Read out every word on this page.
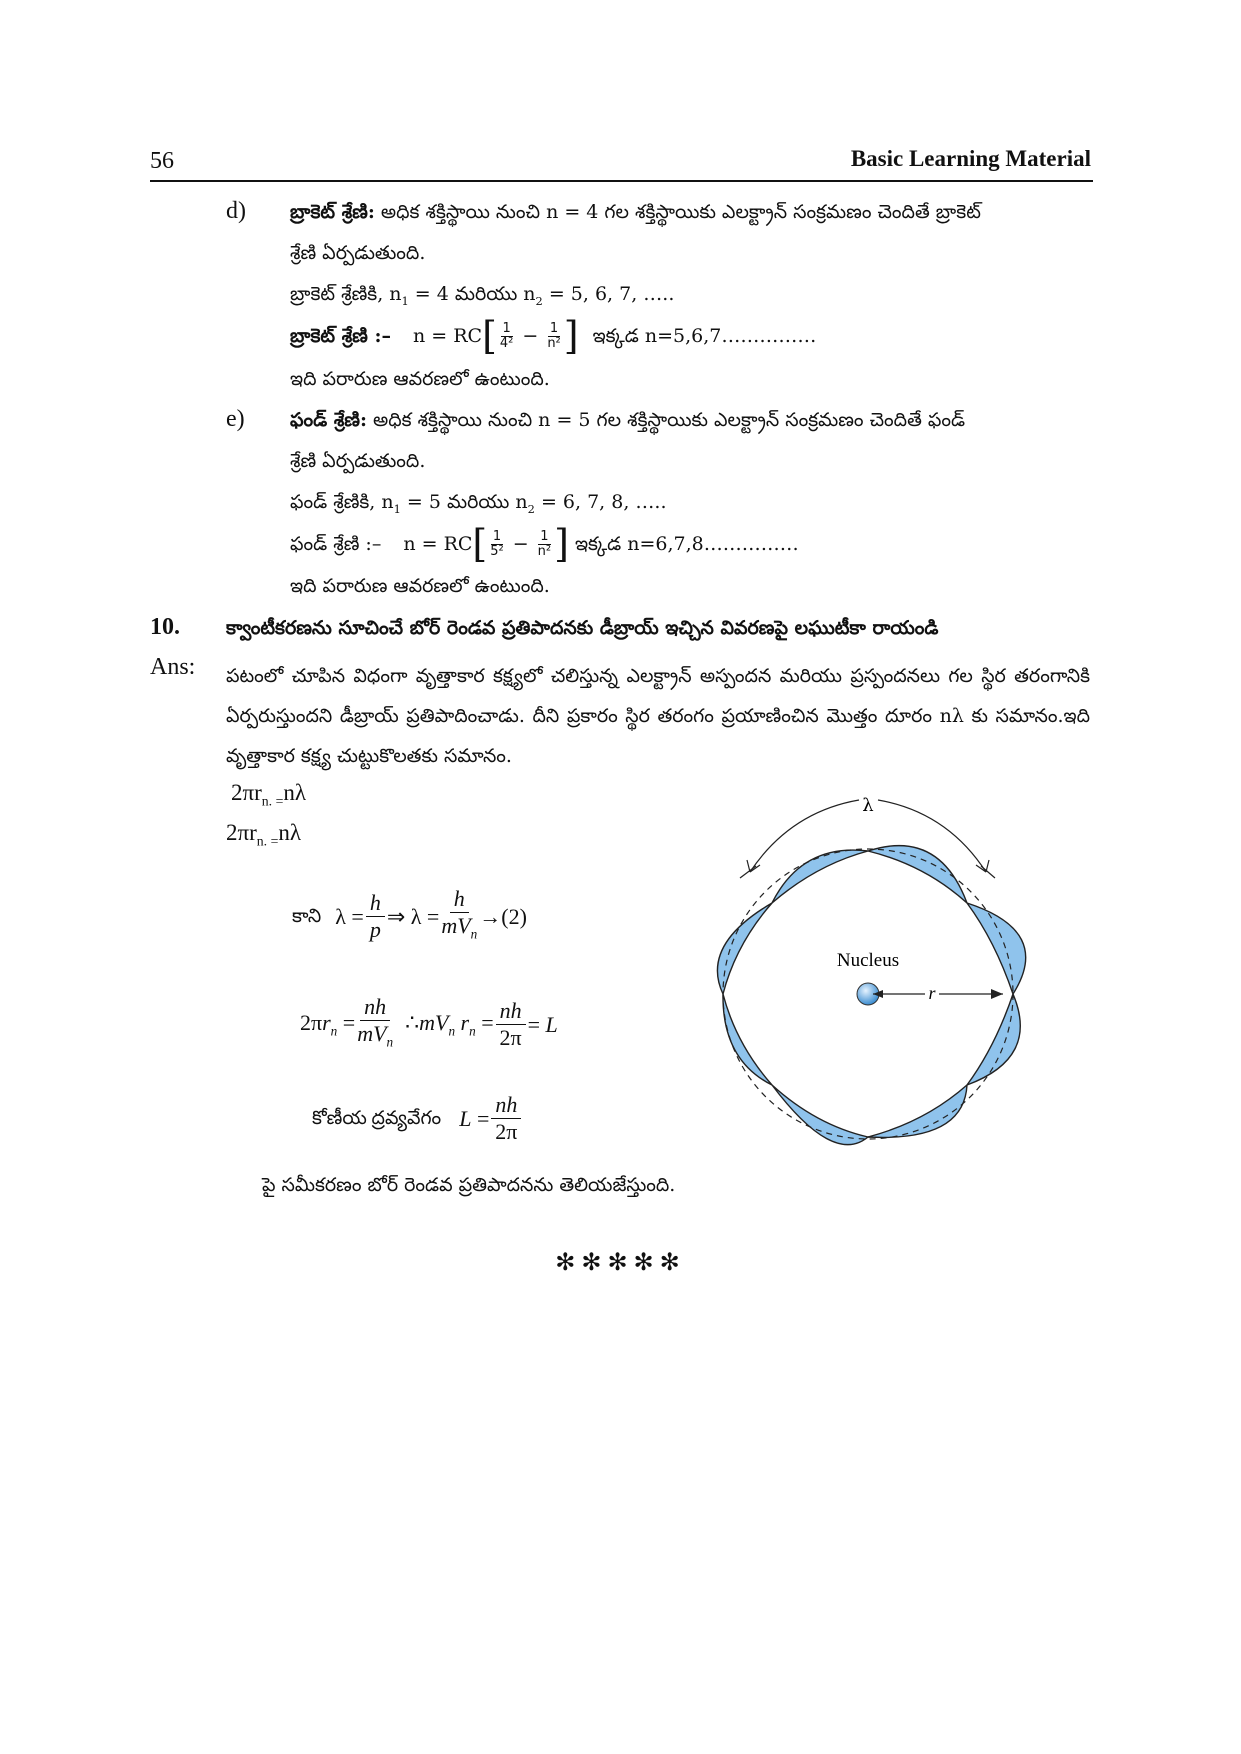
56	Basic Learning Material
d) బ్రాకెట్ శ్రేణి: అధిక శక్తిస్థాయి నుంచి n = 4 గల శక్తిస్థాయికు ఎలక్ట్రాన్ సంక్రమణం చెందితే బ్రాకెట్
శ్రేణి ఏర్పడుతుంది.
బ్రాకెట్ శ్రేణికి, $n_1 = 4$ మరియు $n_2 = 5$, 6, 7, …..
బ్రాకెట్ శ్రేణి :– n = RC [ $\frac{1}{\text{4²}} - \frac{1}{\text{n²}}$ ] ఇక్కడ n=5,6,7……………
ఇది పరారుణ ఆవరణలో ఉంటుంది.
e) ఫండ్ శ్రేణి: అధిక శక్తిస్థాయి నుంచి n = 5 గల శక్తిస్థాయికు ఎలక్ట్రాన్ సంక్రమణం చెందితే ఫండ్
శ్రేణి ఏర్పడుతుంది.
ఫండ్ శ్రేణికి, $n_1 = 5$ మరియు $n_2 = 6$, 7, 8, …..
ఫండ్ శ్రేణి :– n = RC [ $\frac{1}{\text{5²}} - \frac{1}{\text{n²}}$ ] ఇక్కడ n=6,7,8……………
ఇది పరారుణ ఆవరణలో ఉంటుంది.
10. క్వాంటీకరణను సూచించే బోర్ రెండవ ప్రతిపాదనకు డీబ్రాయ్ ఇచ్చిన వివరణపై లఘుటీకా రాయండి
Ans: పటంలో చూపిన విధంగా వృత్తాకార కక్ష్యలో చలిస్తున్న ఎలక్ట్రాన్ అస్పందన మరియు ప్రస్పందనలు గల స్థిర తరంగానికి ఏర్పరుస్తుందని డీబ్రాయ్ ప్రతిపాదించాడు. దీని ప్రకారం స్థిర తరంగం ప్రయాణించిన మొత్తం దూరం nλ కు సమానం.ఇది వృత్తాకార కక్ష్య చుట్టుకొలతకు సమానం.
$2\pi r_{n. =}n\lambda$
$2\pi r_{n. =}n\lambda$
కాని $\lambda = \frac{h}{p}$ ⇒ λ =
h
$mV_n$
→(2)
$2\pi r_n$ =
nh
$mV_n$
$\therefore mV_n$ $r_n = \frac{nh}{2\pi} = L$
కోణీయ ద్రవ్యవేగం $L = \frac{nh}{2\pi}$
పై సమీకరణం బోర్ రెండవ ప్రతిపాదనను తెలియజేస్తుంది.
λ
Nucleus
r
✻✻✻✻✻
